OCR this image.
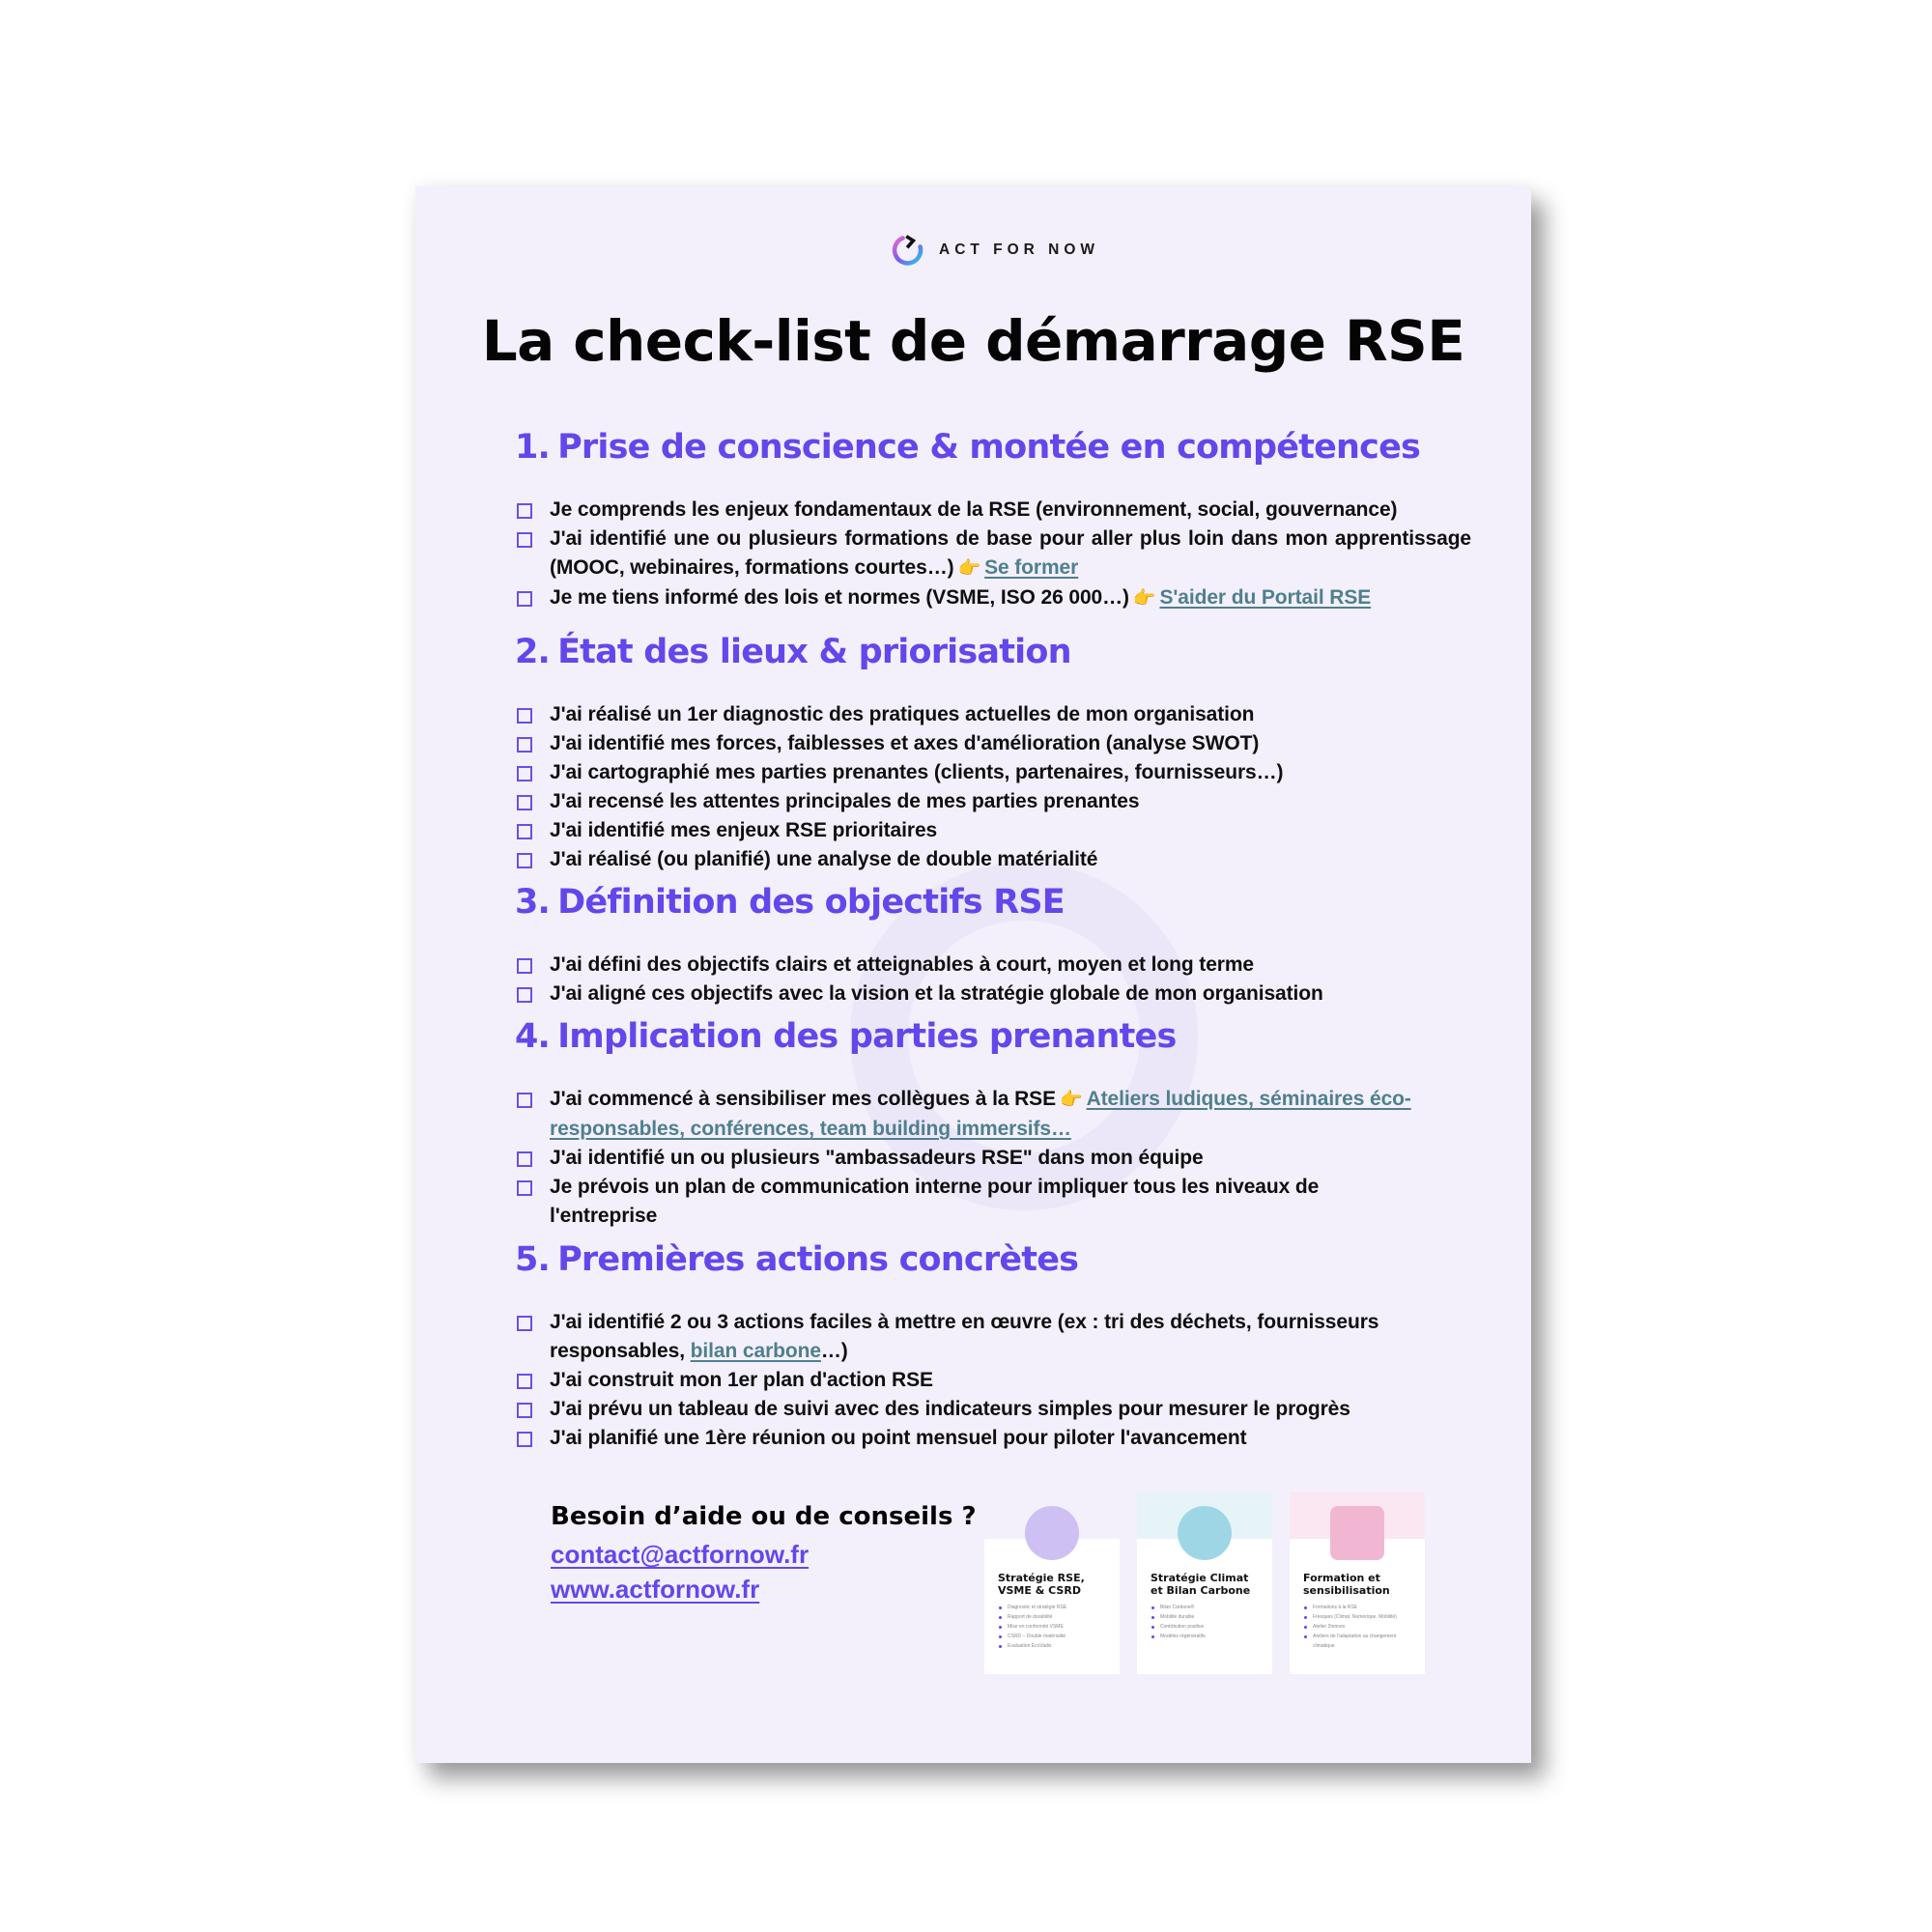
ACT FOR NOW
La check-list de démarrage RSE
1. Prise de conscience & montée en compétences
Je comprends les enjeux fondamentaux de la RSE (environnement, social, gouvernance)
J'ai identifié une ou plusieurs formations de base pour aller plus loin dans mon apprentissage (MOOC, webinaires, formations courtes…) 👉 Se former
Je me tiens informé des lois et normes (VSME, ISO 26 000…) 👉 S'aider du Portail RSE
2. État des lieux & priorisation
J'ai réalisé un 1er diagnostic des pratiques actuelles de mon organisation
J'ai identifié mes forces, faiblesses et axes d'amélioration (analyse SWOT)
J'ai cartographié mes parties prenantes (clients, partenaires, fournisseurs…)
J'ai recensé les attentes principales de mes parties prenantes
J'ai identifié mes enjeux RSE prioritaires
J'ai réalisé (ou planifié) une analyse de double matérialité
3. Définition des objectifs RSE
J'ai défini des objectifs clairs et atteignables à court, moyen et long terme
J'ai aligné ces objectifs avec la vision et la stratégie globale de mon organisation
4. Implication des parties prenantes
J'ai commencé à sensibiliser mes collègues à la RSE 👉 Ateliers ludiques, séminaires éco-responsables, conférences, team building immersifs…
J'ai identifié un ou plusieurs "ambassadeurs RSE" dans mon équipe
Je prévois un plan de communication interne pour impliquer tous les niveaux de l'entreprise
5. Premières actions concrètes
J'ai identifié 2 ou 3 actions faciles à mettre en œuvre (ex : tri des déchets, fournisseurs responsables, bilan carbone…)
J'ai construit mon 1er plan d'action RSE
J'ai prévu un tableau de suivi avec des indicateurs simples pour mesurer le progrès
J'ai planifié une 1ère réunion ou point mensuel pour piloter l'avancement
Besoin d’aide ou de conseils ?
contact@actfornow.fr
www.actfornow.fr	Stratégie RSE,
VSME & CSRD
Diagnostic et stratégie RSE
Rapport de durabilité
Mise en conformité VSME
CSRD – Double matérialité
Evaluation EcoVadis
Stratégie Climat
et Bilan Carbone
Bilan Carbone®
Mobilité durable
Contribution positive
Modèles régénératifs
Formation et
sensibilisation
Formations à la RSE
Fresques (Climat, Numérique, Mobilité)
Atelier 2tonnes
Ateliers de l'adaptation au changement climatique
